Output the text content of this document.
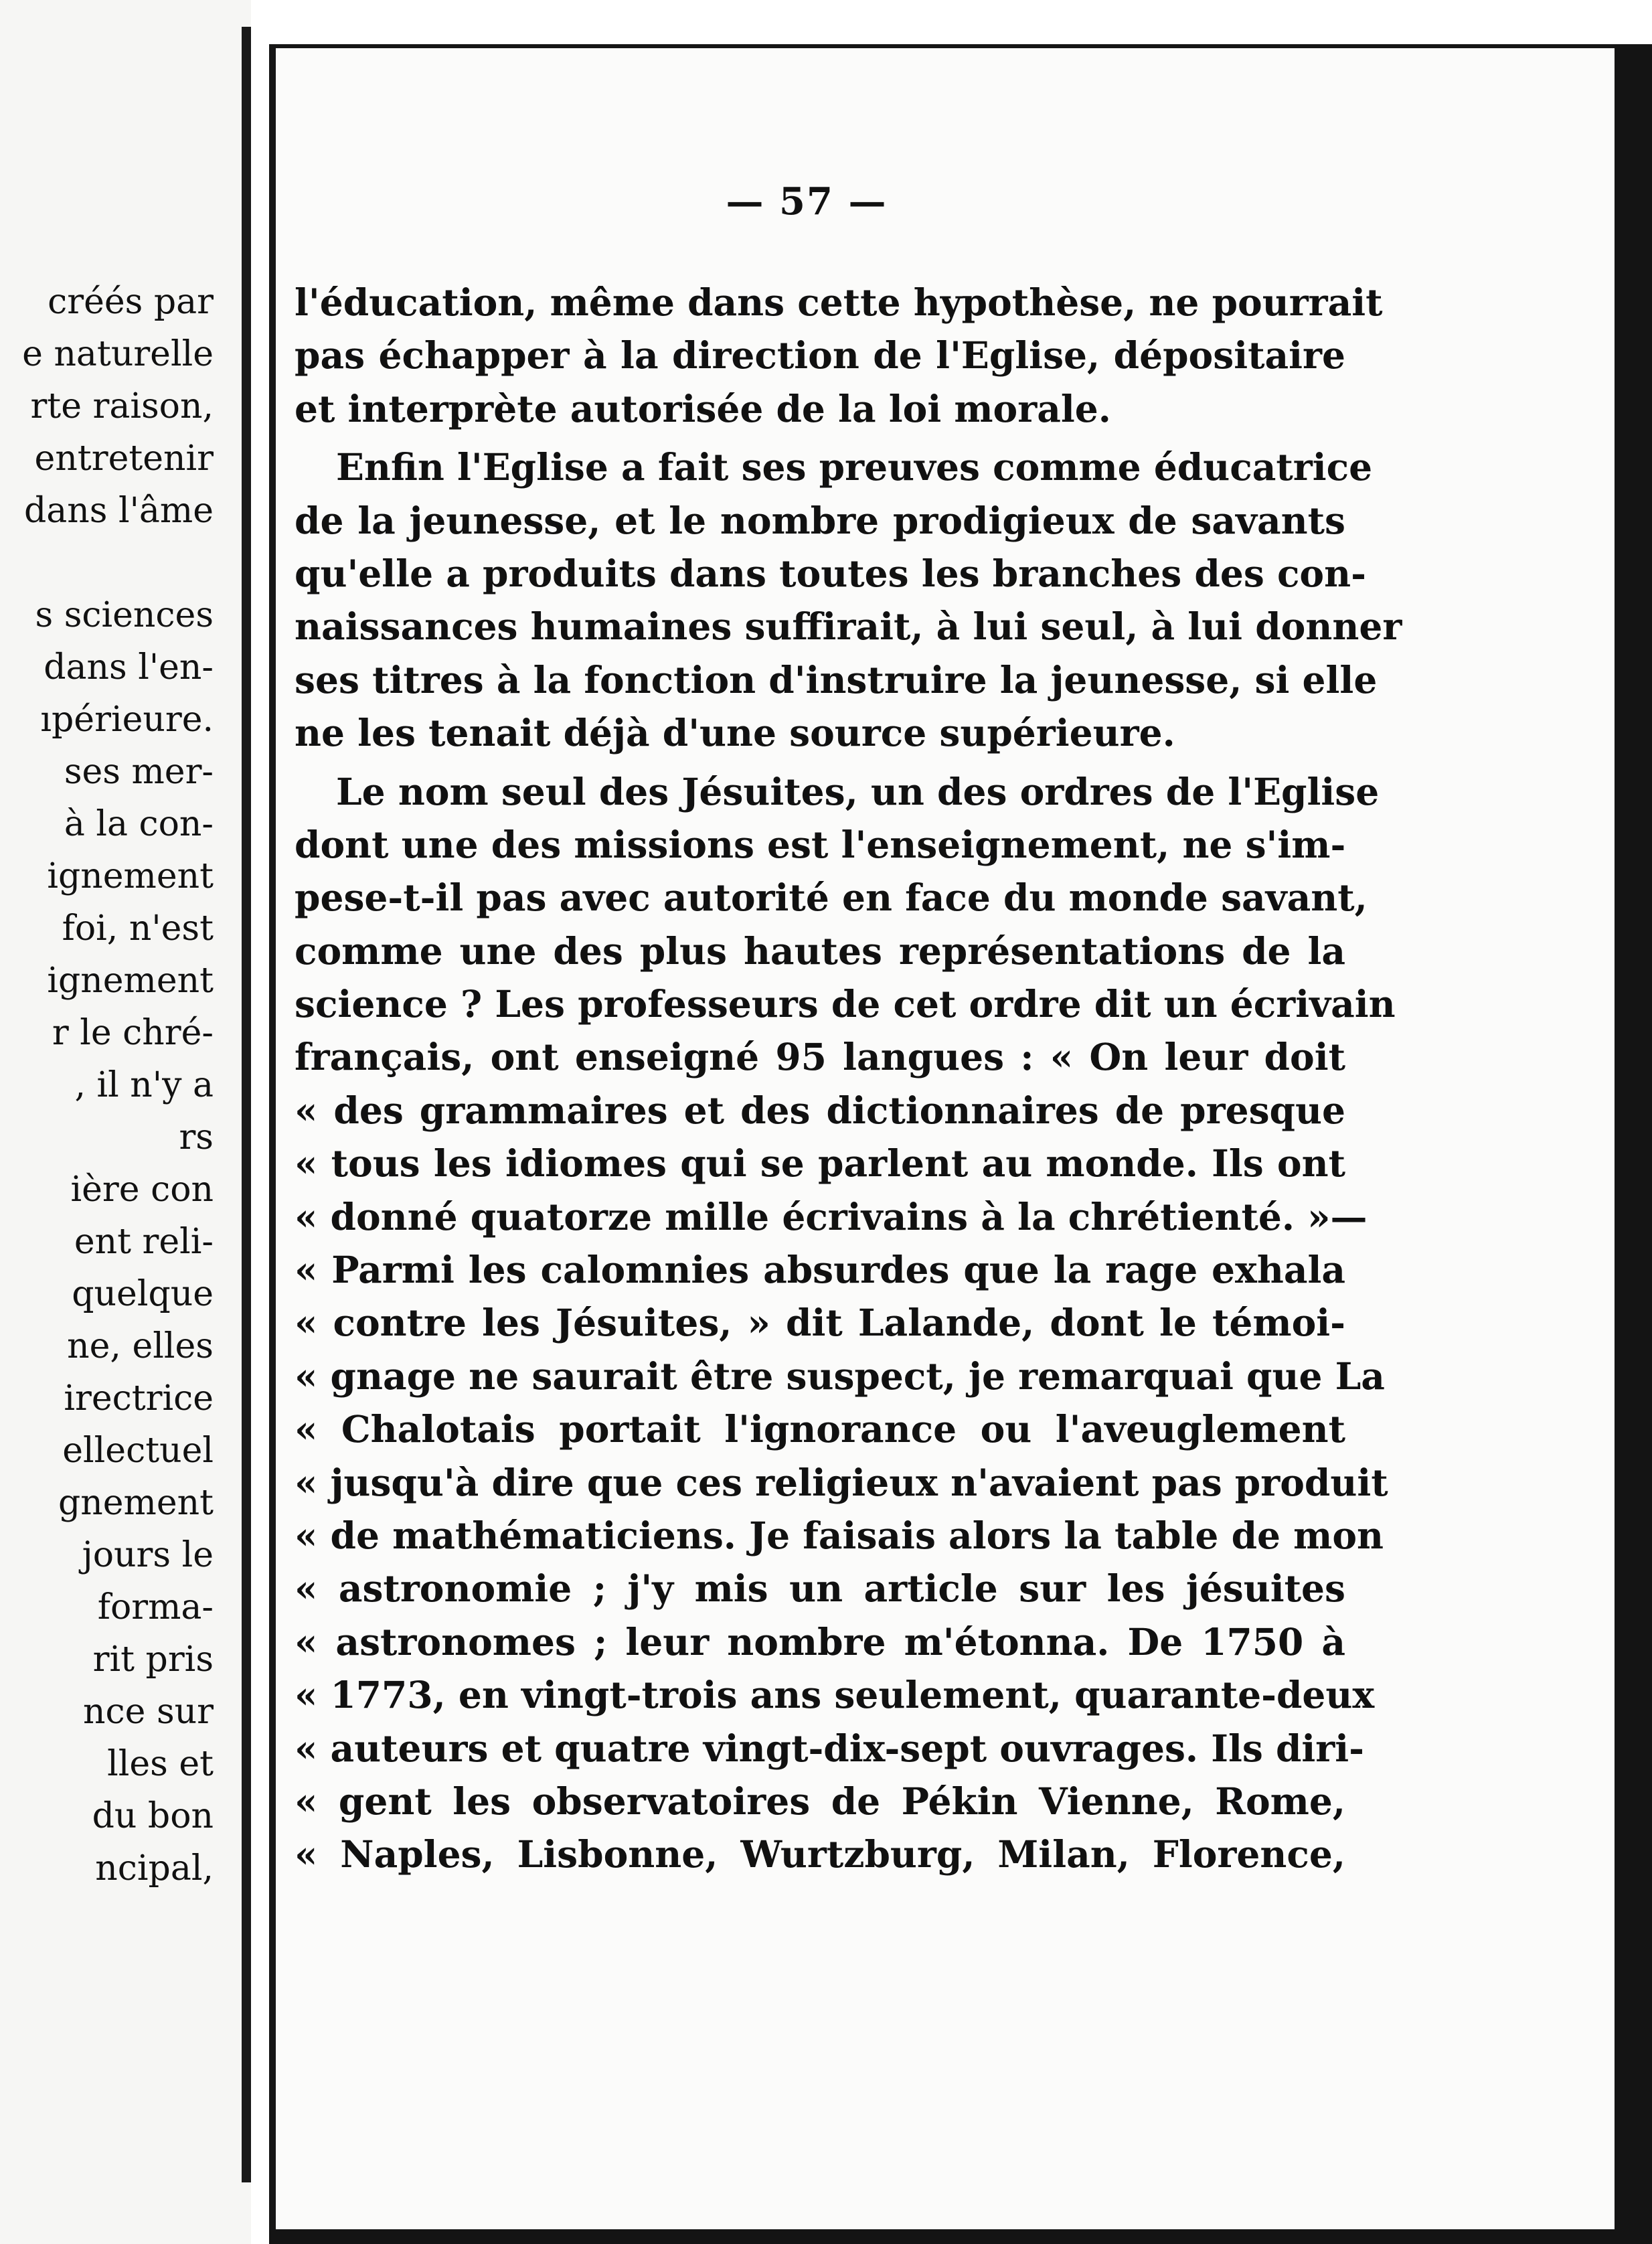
créés par
e naturelle
rte raison,
entretenir
dans l'âme
s sciences
dans l'en-
ıpérieure.
ses mer-
à la con-
ignement
foi, n'est
ignement
r le chré-
, il n'y a
rs
ière con
ent reli-
quelque
ne, elles
irectrice
ellectuel
gnement
jours le
forma-
rit pris
nce sur
lles et
du bon
ncipal,
— 57 —
l'éducation, même dans cette hypothèse, ne pourrait
pas échapper à la direction de l'Eglise, dépositaire
et interprète autorisée de la loi morale.
Enfin l'Eglise a fait ses preuves comme éducatrice
de la jeunesse, et le nombre prodigieux de savants
qu'elle a produits dans toutes les branches des con-
naissances humaines suffirait, à lui seul, à lui donner
ses titres à la fonction d'instruire la jeunesse, si elle
ne les tenait déjà d'une source supérieure.
Le nom seul des Jésuites, un des ordres de l'Eglise
dont une des missions est l'enseignement, ne s'im-
pese-t-il pas avec autorité en face du monde savant,
comme une des plus hautes représentations de la
science ? Les professeurs de cet ordre dit un écrivain
français, ont enseigné 95 langues : « On leur doit
« des grammaires et des dictionnaires de presque
« tous les idiomes qui se parlent au monde. Ils ont
« donné quatorze mille écrivains à la chrétienté. »—
« Parmi les calomnies absurdes que la rage exhala
« contre les Jésuites, » dit Lalande, dont le témoi-
« gnage ne saurait être suspect, je remarquai que La
« Chalotais portait l'ignorance ou l'aveuglement
« jusqu'à dire que ces religieux n'avaient pas produit
« de mathématiciens. Je faisais alors la table de mon
« astronomie ; j'y mis un article sur les jésuites
« astronomes ; leur nombre m'étonna. De 1750 à
« 1773, en vingt-trois ans seulement, quarante-deux
« auteurs et quatre vingt-dix-sept ouvrages. Ils diri-
« gent les observatoires de Pékin Vienne, Rome,
« Naples, Lisbonne, Wurtzburg, Milan, Florence,
